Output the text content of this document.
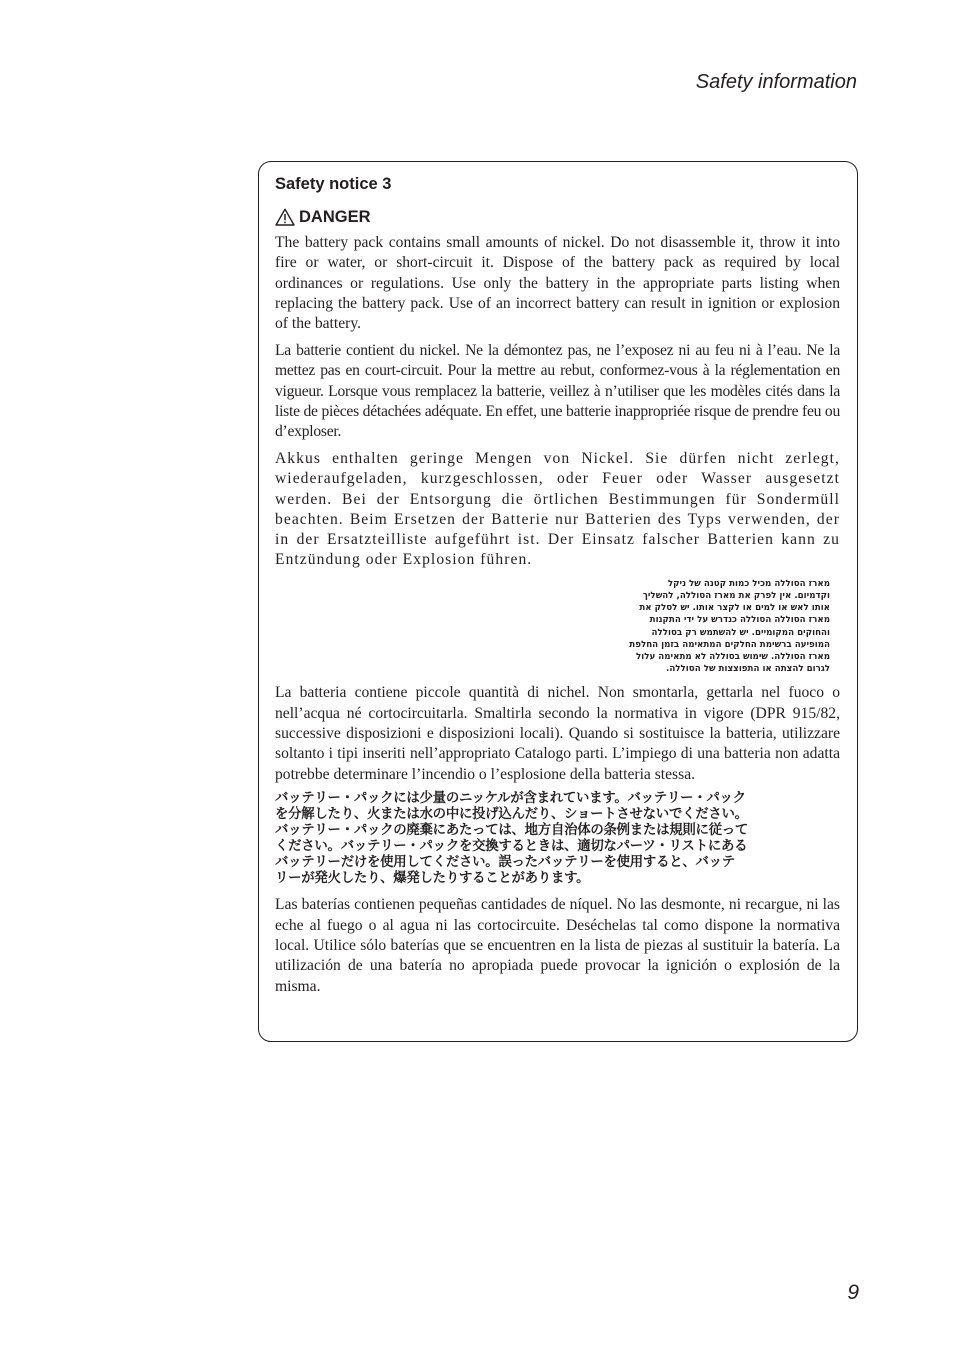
Safety information
Safety notice 3
DANGER

The battery pack contains small amounts of nickel. Do not disassemble it, throw it into fire or water, or short-circuit it. Dispose of the battery pack as required by local ordinances or regulations. Use only the battery in the appropriate parts listing when replacing the battery pack. Use of an incorrect battery can result in ignition or explosion of the battery.

La batterie contient du nickel. Ne la démontez pas, ne l’exposez ni au feu ni à l’eau. Ne la mettez pas en court-circuit. Pour la mettre au rebut, conformez-vous à la réglementation en vigueur. Lorsque vous remplacez la batterie, veillez à n’utiliser que les modèles cités dans la liste de pièces détachées adéquate. En effet, une batterie inappropriée risque de prendre feu ou d’exploser.

Akkus enthalten geringe Mengen von Nickel. Sie dürfen nicht zerlegt, wiederaufgeladen, kurzgeschlossen, oder Feuer oder Wasser ausgesetzt werden. Bei der Entsorgung die örtlichen Bestimmungen für Sondermüll beachten. Beim Ersetzen der Batterie nur Batterien des Typs verwenden, der in der Ersatzteilliste aufgeführt ist. Der Einsatz falscher Batterien kann zu Entzündung oder Explosion führen.

מארז הסוללה מכיל כמות קטנה של ניקל
וקדמיום. אין לפרק את מארז הסוללה, להשליך
אותו לאש או למים או לקצר אותו. יש לסלק את
מארז הסוללה הסוללה כנדרש על ידי התקנות
והחוקים המקומיים. יש להשתמש רק בסוללה
המופיעה ברשימת החלקים המתאימה בזמן החלפת
מארז הסוללה. שימוש בסוללה לא מתאימה עלול
לגרום להצתה או התפוצצות של הסוללה.

La batteria contiene piccole quantità di nichel. Non smontarla, gettarla nel fuoco o nell’acqua né cortocircuitarla. Smaltirla secondo la normativa in vigore (DPR 915/82, successive disposizioni e disposizioni locali). Quando si sostituisce la batteria, utilizzare soltanto i tipi inseriti nell’appropriato Catalogo parti. L’impiego di una batteria non adatta potrebbe determinare l’incendio o l’esplosione della batteria stessa.

バッテリー・パックには少量のニッケルが含まれています。バッテリー・パック
を分解したり、火または水の中に投げ込んだり、ショートさせないでください。
バッテリー・パックの廃棄にあたっては、地方自治体の条例または規則に従って
ください。バッテリー・パックを交換するときは、適切なパーツ・リストにある
バッテリーだけを使用してください。誤ったバッテリーを使用すると、バッテ
リーが発火したり、爆発したりすることがあります。

Las baterías contienen pequeñas cantidades de níquel. No las desmonte, ni recargue, ni las eche al fuego o al agua ni las cortocircuite. Deséchelas tal como dispone la normativa local. Utilice sólo baterías que se encuentren en la lista de piezas al sustituir la batería. La utilización de una batería no apropiada puede provocar la ignición o explosión de la misma.

9
